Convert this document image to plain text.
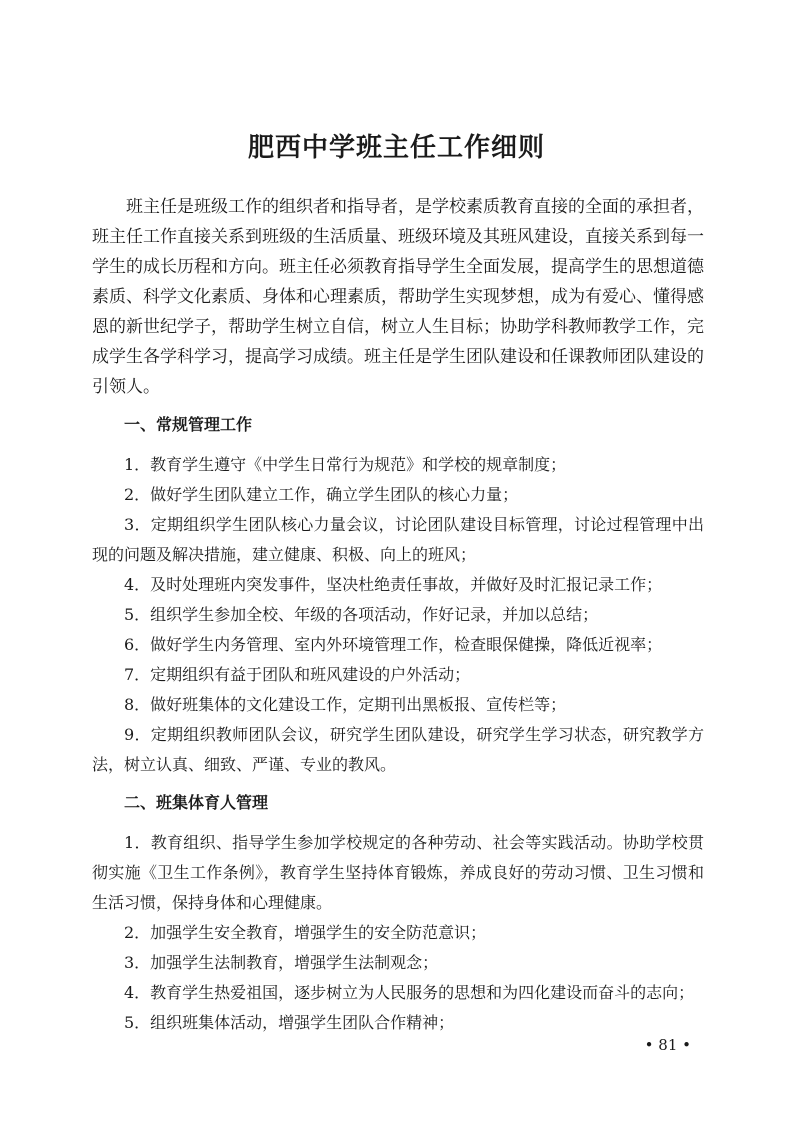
肥西中学班主任工作细则

班主任是班级工作的组织者和指导者，是学校素质教育直接的全面的承担者，班主任工作直接关系到班级的生活质量、班级环境及其班风建设，直接关系到每一学生的成长历程和方向。班主任必须教育指导学生全面发展，提高学生的思想道德素质、科学文化素质、身体和心理素质，帮助学生实现梦想，成为有爱心、懂得感恩的新世纪学子，帮助学生树立自信，树立人生目标；协助学科教师教学工作，完成学生各学科学习，提高学习成绩。班主任是学生团队建设和任课教师团队建设的引领人。

一、常规管理工作

1．教育学生遵守《中学生日常行为规范》和学校的规章制度；

2．做好学生团队建立工作，确立学生团队的核心力量；

3．定期组织学生团队核心力量会议，讨论团队建设目标管理，讨论过程管理中出现的问题及解决措施，建立健康、积极、向上的班风；

4．及时处理班内突发事件，坚决杜绝责任事故，并做好及时汇报记录工作；

5．组织学生参加全校、年级的各项活动，作好记录，并加以总结；

6．做好学生内务管理、室内外环境管理工作，检查眼保健操，降低近视率；

7．定期组织有益于团队和班风建设的户外活动；

8．做好班集体的文化建设工作，定期刊出黑板报、宣传栏等；

9．定期组织教师团队会议，研究学生团队建设，研究学生学习状态，研究教学方法，树立认真、细致、严谨、专业的教风。

二、班集体育人管理

1．教育组织、指导学生参加学校规定的各种劳动、社会等实践活动。协助学校贯彻实施《卫生工作条例》，教育学生坚持体育锻炼，养成良好的劳动习惯、卫生习惯和生活习惯，保持身体和心理健康。

2．加强学生安全教育，增强学生的安全防范意识；

3．加强学生法制教育，增强学生法制观念；

4．教育学生热爱祖国，逐步树立为人民服务的思想和为四化建设而奋斗的志向；

5．组织班集体活动，增强学生团队合作精神；

• 81 •
